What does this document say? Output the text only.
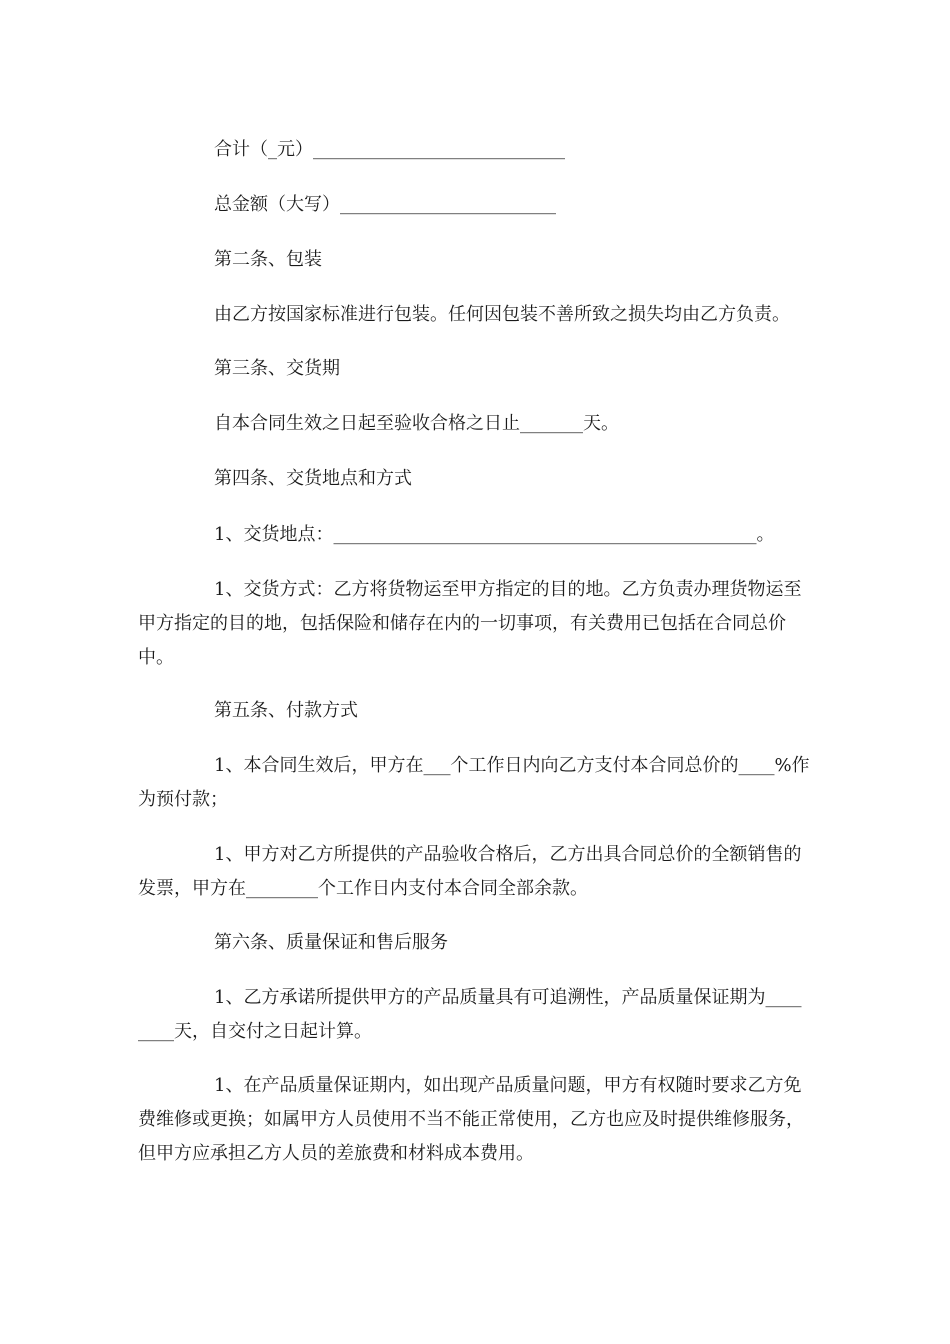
合计（_元）____________________________

总金额（大写）________________________

第二条、包装

由乙方按国家标准进行包装。任何因包装不善所致之损失均由乙方负责。

第三条、交货期

自本合同生效之日起至验收合格之日止_______天。

第四条、交货地点和方式

1、交货地点：_______________________________________________。

1、交货方式：乙方将货物运至甲方指定的目的地。乙方负责办理货物运至甲方指定的目的地，包括保险和储存在内的一切事项，有关费用已包括在合同总价中。

第五条、付款方式

1、本合同生效后，甲方在___个工作日内向乙方支付本合同总价的____%作为预付款；

1、甲方对乙方所提供的产品验收合格后，乙方出具合同总价的全额销售的发票，甲方在________个工作日内支付本合同全部余款。

第六条、质量保证和售后服务

1、乙方承诺所提供甲方的产品质量具有可追溯性，产品质量保证期为________天，自交付之日起计算。

1、在产品质量保证期内，如出现产品质量问题，甲方有权随时要求乙方免费维修或更换；如属甲方人员使用不当不能正常使用，乙方也应及时提供维修服务，但甲方应承担乙方人员的差旅费和材料成本费用。
